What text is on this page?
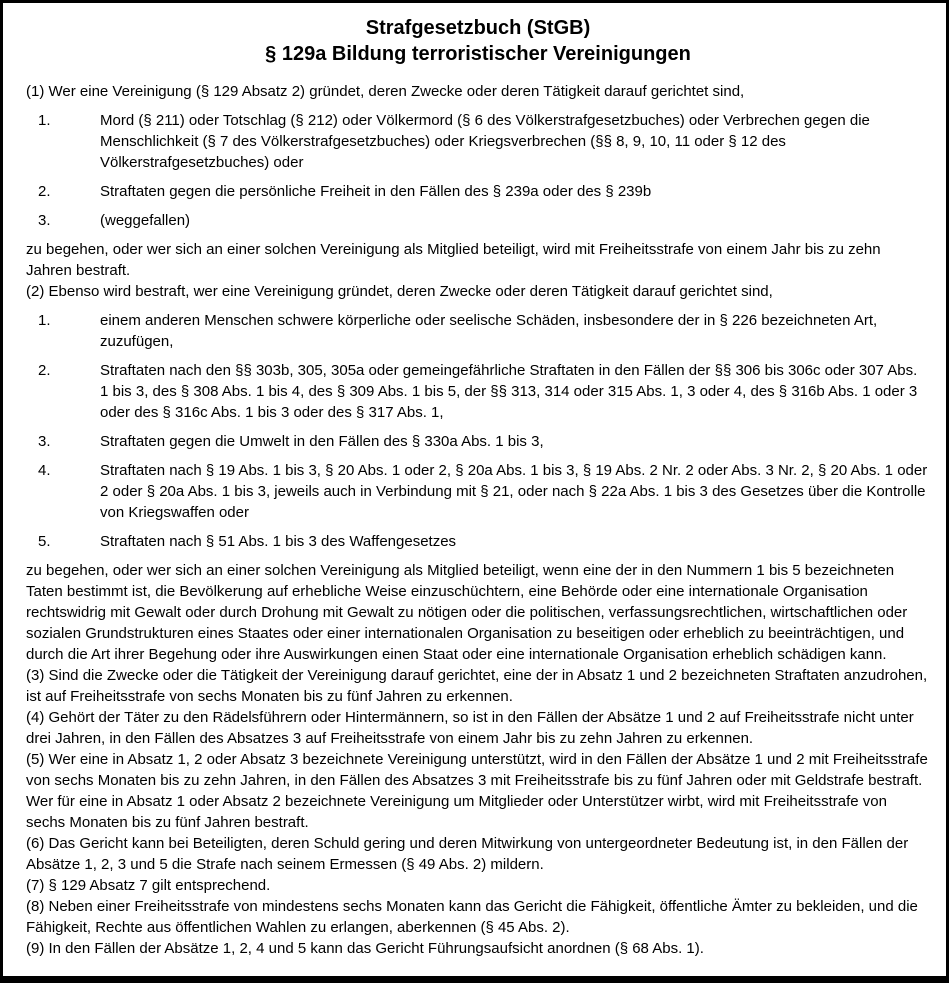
Strafgesetzbuch (StGB)
§ 129a Bildung terroristischer Vereinigungen

(1) Wer eine Vereinigung (§ 129 Absatz 2) gründet, deren Zwecke oder deren Tätigkeit darauf gerichtet sind,

1.	Mord (§ 211) oder Totschlag (§ 212) oder Völkermord (§ 6 des Völkerstrafgesetzbuches) oder Verbrechen gegen die Menschlichkeit (§ 7 des Völkerstrafgesetzbuches) oder Kriegsverbrechen (§§ 8, 9, 10, 11 oder § 12 des Völkerstrafgesetzbuches) oder
2.	Straftaten gegen die persönliche Freiheit in den Fällen des § 239a oder des § 239b
3.	(weggefallen)

zu begehen, oder wer sich an einer solchen Vereinigung als Mitglied beteiligt, wird mit Freiheitsstrafe von einem Jahr bis zu zehn Jahren bestraft.

(2) Ebenso wird bestraft, wer eine Vereinigung gründet, deren Zwecke oder deren Tätigkeit darauf gerichtet sind,

1.	einem anderen Menschen schwere körperliche oder seelische Schäden, insbesondere der in § 226 bezeichneten Art, zuzufügen,
2.	Straftaten nach den §§ 303b, 305, 305a oder gemeingefährliche Straftaten in den Fällen der §§ 306 bis 306c oder 307 Abs. 1 bis 3, des § 308 Abs. 1 bis 4, des § 309 Abs. 1 bis 5, der §§ 313, 314 oder 315 Abs. 1, 3 oder 4, des § 316b Abs. 1 oder 3 oder des § 316c Abs. 1 bis 3 oder des § 317 Abs. 1,
3.	Straftaten gegen die Umwelt in den Fällen des § 330a Abs. 1 bis 3,
4.	Straftaten nach § 19 Abs. 1 bis 3, § 20 Abs. 1 oder 2, § 20a Abs. 1 bis 3, § 19 Abs. 2 Nr. 2 oder Abs. 3 Nr. 2, § 20 Abs. 1 oder 2 oder § 20a Abs. 1 bis 3, jeweils auch in Verbindung mit § 21, oder nach § 22a Abs. 1 bis 3 des Gesetzes über die Kontrolle von Kriegswaffen oder
5.	Straftaten nach § 51 Abs. 1 bis 3 des Waffengesetzes

zu begehen, oder wer sich an einer solchen Vereinigung als Mitglied beteiligt, wenn eine der in den Nummern 1 bis 5 bezeichneten Taten bestimmt ist, die Bevölkerung auf erhebliche Weise einzuschüchtern, eine Behörde oder eine internationale Organisation rechtswidrig mit Gewalt oder durch Drohung mit Gewalt zu nötigen oder die politischen, verfassungsrechtlichen, wirtschaftlichen oder sozialen Grundstrukturen eines Staates oder einer internationalen Organisation zu beseitigen oder erheblich zu beeinträchtigen, und durch die Art ihrer Begehung oder ihre Auswirkungen einen Staat oder eine internationale Organisation erheblich schädigen kann.

(3) Sind die Zwecke oder die Tätigkeit der Vereinigung darauf gerichtet, eine der in Absatz 1 und 2 bezeichneten Straftaten anzudrohen, ist auf Freiheitsstrafe von sechs Monaten bis zu fünf Jahren zu erkennen.

(4) Gehört der Täter zu den Rädelsführern oder Hintermännern, so ist in den Fällen der Absätze 1 und 2 auf Freiheitsstrafe nicht unter drei Jahren, in den Fällen des Absatzes 3 auf Freiheitsstrafe von einem Jahr bis zu zehn Jahren zu erkennen.

(5) Wer eine in Absatz 1, 2 oder Absatz 3 bezeichnete Vereinigung unterstützt, wird in den Fällen der Absätze 1 und 2 mit Freiheitsstrafe von sechs Monaten bis zu zehn Jahren, in den Fällen des Absatzes 3 mit Freiheitsstrafe bis zu fünf Jahren oder mit Geldstrafe bestraft. Wer für eine in Absatz 1 oder Absatz 2 bezeichnete Vereinigung um Mitglieder oder Unterstützer wirbt, wird mit Freiheitsstrafe von sechs Monaten bis zu fünf Jahren bestraft.

(6) Das Gericht kann bei Beteiligten, deren Schuld gering und deren Mitwirkung von untergeordneter Bedeutung ist, in den Fällen der Absätze 1, 2, 3 und 5 die Strafe nach seinem Ermessen (§ 49 Abs. 2) mildern.

(7) § 129 Absatz 7 gilt entsprechend.

(8) Neben einer Freiheitsstrafe von mindestens sechs Monaten kann das Gericht die Fähigkeit, öffentliche Ämter zu bekleiden, und die Fähigkeit, Rechte aus öffentlichen Wahlen zu erlangen, aberkennen (§ 45 Abs. 2).

(9) In den Fällen der Absätze 1, 2, 4 und 5 kann das Gericht Führungsaufsicht anordnen (§ 68 Abs. 1).
